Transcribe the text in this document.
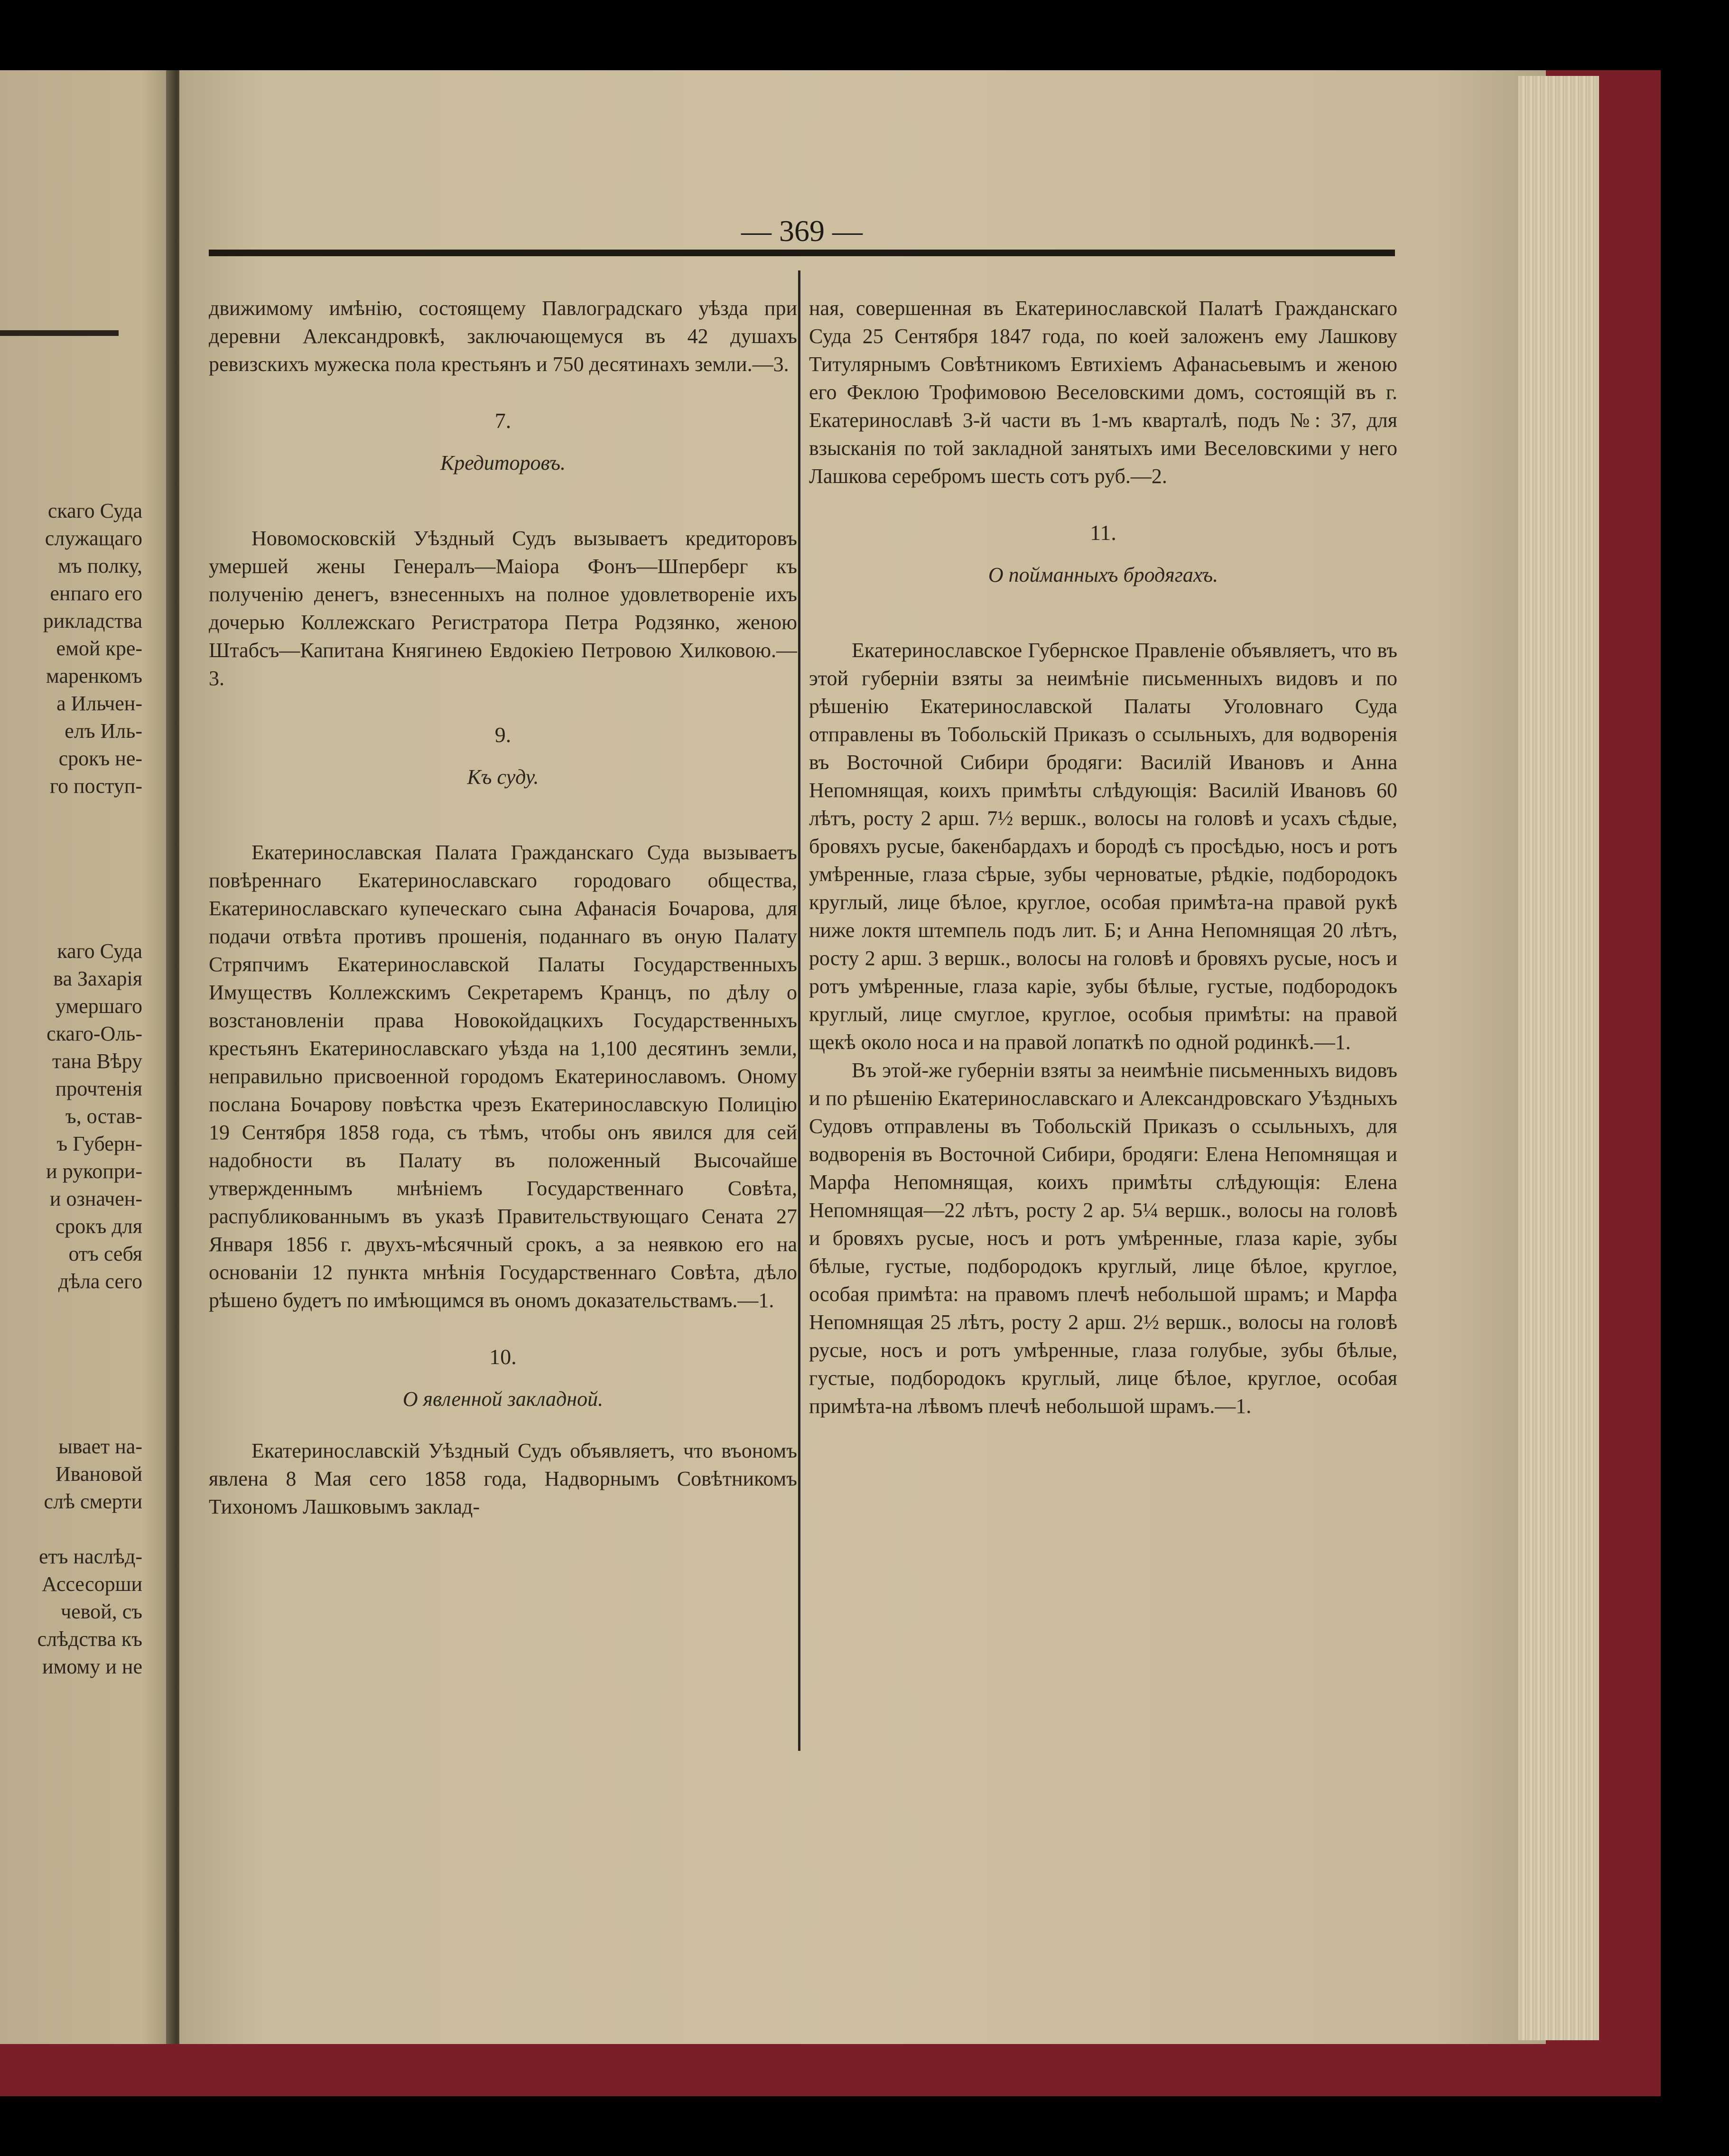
скаго Суда
служащаго
мъ полку,
енпаго его
рикладства
емой кре-
маренкомъ
а Ильчен-
елъ Иль-
срокъ не-
го поступ-
каго Суда
ва Захарія
умершаго
скаго-Оль-
тана Вѣру
прочтенія
ъ, остав-
ъ Губерн-
и рукопри-
и означен-
срокъ для
отъ себя
дѣла сего
ывает на-
Ивановой
слѣ смерти
етъ наслѣд-
Ассесорши
чевой, съ
слѣдства къ
имому и не
— 369 —

движимому имѣнію, состоящему Павлоградскаго уѣзда при деревни Александровкѣ, заключающемуся въ 42 душахъ ревизскихъ мужеска пола крестьянъ и 750 десятинахъ земли.—3.

7.
Кредиторовъ.

Новомосковскій Уѣздный Судъ вызываетъ кредиторовъ умершей жены Генералъ—Маіора Фонъ—Шперберг къ полученію денегъ, взнесенныхъ на полное удовлетвореніе ихъ дочерью Коллежскаго Регистратора Петра Родзянко, женою Штабсъ—Капитана Княгинею Евдокіею Петровою Хилковою.—3.

9.
Къ суду.

Екатеринославская Палата Гражданскаго Суда вызываетъ повѣреннаго Екатеринославскаго городоваго общества, Екатеринославскаго купеческаго сына Афанасія Бочарова, для подачи отвѣта противъ прошенія, поданнаго въ оную Палату Стряпчимъ Екатеринославской Палаты Государственныхъ Имуществъ Коллежскимъ Секретаремъ Кранцъ, по дѣлу о возстановленіи права Новокойдацкихъ Государственныхъ крестьянъ Екатеринославскаго уѣзда на 1,100 десятинъ земли, неправильно присвоенной городомъ Екатеринославомъ. Оному послана Бочарову повѣстка чрезъ Екатеринославскую Полицію 19 Сентября 1858 года, съ тѣмъ, чтобы онъ явился для сей надобности въ Палату въ положенный Высочайше утвержденнымъ мнѣніемъ Государственнаго Совѣта, распубликованнымъ въ указѣ Правительствующаго Сената 27 Января 1856 г. двухъ-мѣсячный срокъ, а за неявкою его на основаніи 12 пункта мнѣнія Государственнаго Совѣта, дѣло рѣшено будетъ по имѣющимся въ ономъ доказательствамъ.—1.

10.
О явленной закладной.

Екатеринославскій Уѣздный Судъ объявляетъ, что въономъ явлена 8 Мая сего 1858 года, Надворнымъ Совѣтникомъ Тихономъ Лашковымъ заклад-

ная, совершенная въ Екатеринославской Палатѣ Гражданскаго Суда 25 Сентября 1847 года, по коей заложенъ ему Лашкову Титулярнымъ Совѣтникомъ Евтихіемъ Афанасьевымъ и женою его Феклою Трофимовою Веселовскими домъ, состоящій въ г. Екатеринославѣ 3-й части въ 1-мъ кварталѣ, подъ №: 37, для взысканія по той закладной занятыхъ ими Веселовскими у него Лашкова серебромъ шесть сотъ руб.—2.

11.
О пойманныхъ бродягахъ.

Екатеринославское Губернское Правленіе объявляетъ, что въ этой губерніи взяты за неимѣніе письменныхъ видовъ и по рѣшенію Екатеринославской Палаты Уголовнаго Суда отправлены въ Тобольскій Приказъ о ссыльныхъ, для водворенія въ Восточной Сибири бродяги: Василій Ивановъ и Анна Непомнящая, коихъ примѣты слѣдующія: Василій Ивановъ 60 лѣтъ, росту 2 арш. 7½ вершк., волосы на головѣ и усахъ сѣдые, бровяхъ русые, бакенбардахъ и бородѣ съ просѣдью, носъ и ротъ умѣренные, глаза сѣрые, зубы черноватые, рѣдкіе, подбородокъ круглый, лице бѣлое, круглое, особая примѣта-на правой рукѣ ниже локтя штемпель подъ лит. Б; и Анна Непомнящая 20 лѣтъ, росту 2 арш. 3 вершк., волосы на головѣ и бровяхъ русые, носъ и ротъ умѣренные, глаза каріе, зубы бѣлые, густые, подбородокъ круглый, лице смуглое, круглое, особыя примѣты: на правой щекѣ около носа и на правой лопаткѣ по одной родинкѣ.—1.

Въ этой-же губерніи взяты за неимѣніе письменныхъ видовъ и по рѣшенію Екатеринославскаго и Александровскаго Уѣздныхъ Судовъ отправлены въ Тобольскій Приказъ о ссыльныхъ, для водворенія въ Восточной Сибири, бродяги: Елена Непомнящая и Марфа Непомнящая, коихъ примѣты слѣдующія: Елена Непомнящая—22 лѣтъ, росту 2 ар. 5¼ вершк., волосы на головѣ и бровяхъ русые, носъ и ротъ умѣренные, глаза каріе, зубы бѣлые, густые, подбородокъ круглый, лице бѣлое, круглое, особая примѣта: на правомъ плечѣ небольшой шрамъ; и Марфа Непомнящая 25 лѣтъ, росту 2 арш. 2½ вершк., волосы на головѣ русые, носъ и ротъ умѣренные, глаза голубые, зубы бѣлые, густые, подбородокъ круглый, лице бѣлое, круглое, особая примѣта-на лѣвомъ плечѣ небольшой шрамъ.—1.
